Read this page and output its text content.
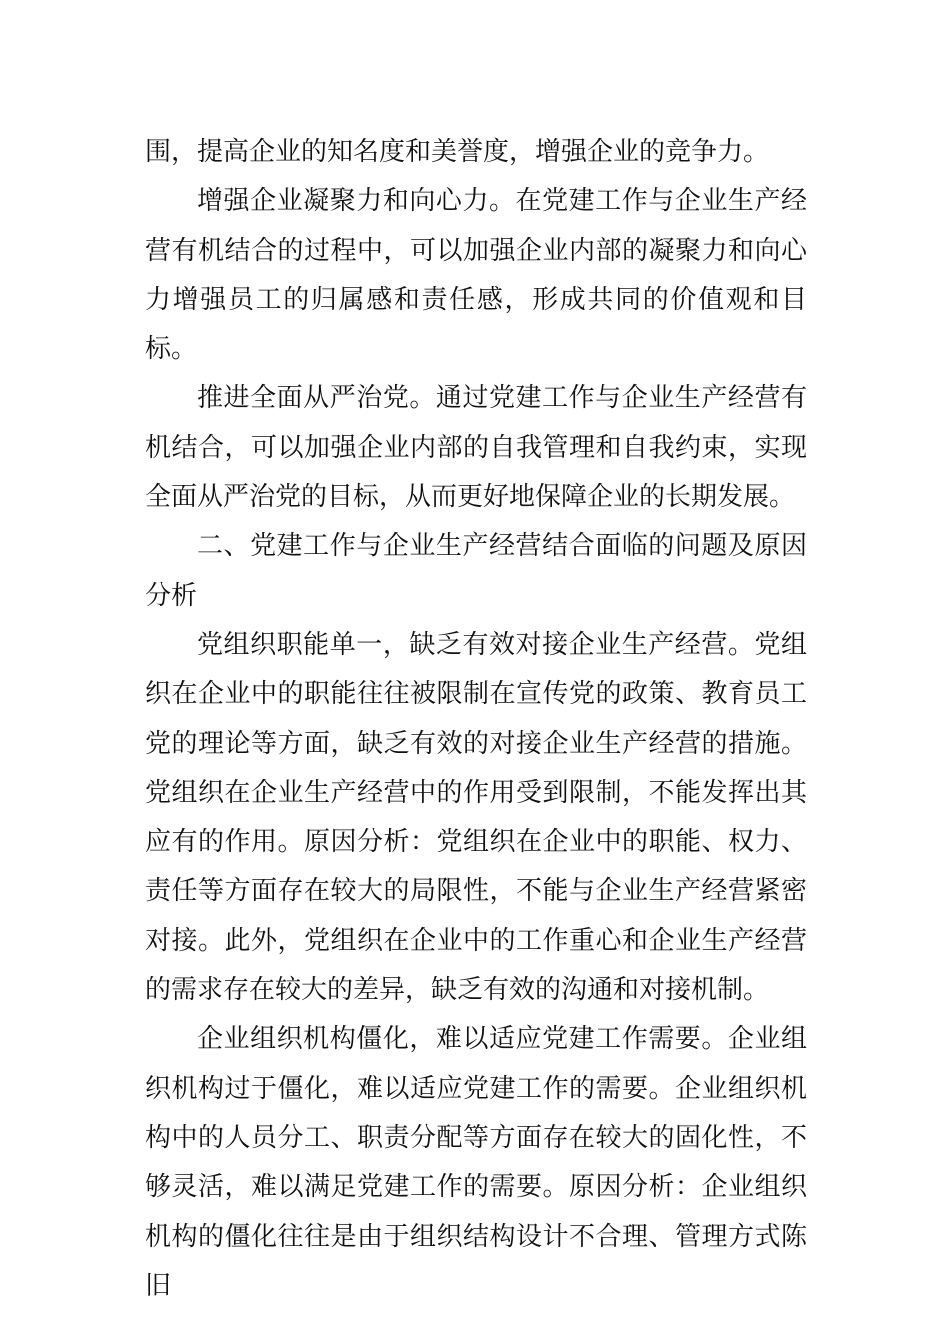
围，提高企业的知名度和美誉度，增强企业的竞争力。

增强企业凝聚力和向心力。在党建工作与企业生产经营有机结合的过程中，可以加强企业内部的凝聚力和向心力增强员工的归属感和责任感，形成共同的价值观和目标。

推进全面从严治党。通过党建工作与企业生产经营有机结合，可以加强企业内部的自我管理和自我约束，实现全面从严治党的目标，从而更好地保障企业的长期发展。

二、党建工作与企业生产经营结合面临的问题及原因分析

党组织职能单一，缺乏有效对接企业生产经营。党组织在企业中的职能往往被限制在宣传党的政策、教育员工党的理论等方面，缺乏有效的对接企业生产经营的措施。党组织在企业生产经营中的作用受到限制，不能发挥出其应有的作用。原因分析：党组织在企业中的职能、权力、责任等方面存在较大的局限性，不能与企业生产经营紧密对接。此外，党组织在企业中的工作重心和企业生产经营的需求存在较大的差异，缺乏有效的沟通和对接机制。

企业组织机构僵化，难以适应党建工作需要。企业组织机构过于僵化，难以适应党建工作的需要。企业组织机构中的人员分工、职责分配等方面存在较大的固化性，不够灵活，难以满足党建工作的需要。原因分析：企业组织机构的僵化往往是由于组织结构设计不合理、管理方式陈旧
